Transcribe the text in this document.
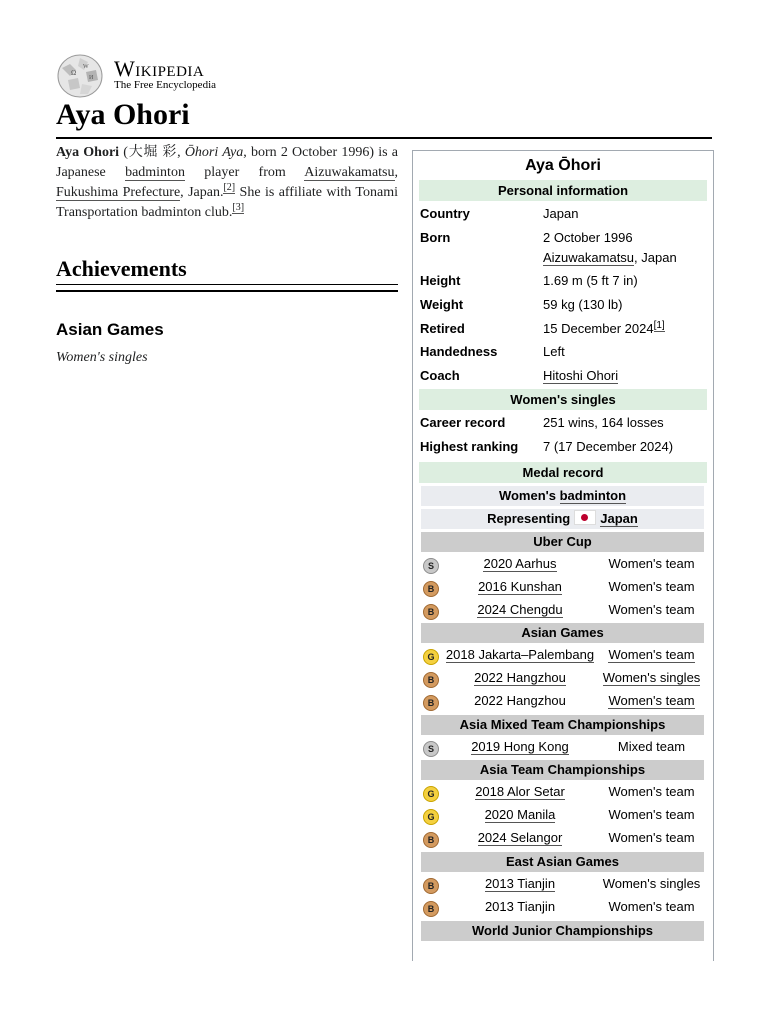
Ω
W
И Wikipedia
The Free Encyclopedia
Aya Ohori
Aya Ohori (大堀 彩, Ōhori Aya, born 2 October 1996) is a Japanese badminton player from Aizuwakamatsu, Fukushima Prefecture, Japan.[2] She is affiliate with Tonami Transportation badminton club.[3]
Achievements
Asian Games
Women's singles
Aya Ōhori
Personal information
Country	Japan
Born	2 October 1996
Aizuwakamatsu, Japan
Height	1.69 m (5 ft 7 in)
Weight	59 kg (130 lb)
Retired	15 December 2024[1]
Handedness	Left
Coach	Hitoshi Ohori
Women's singles
Career record	251 wins, 164 losses
Highest ranking 7 (17 December 2024)
Medal record
Women's badminton
Representing Japan
Uber Cup
S	2020 Aarhus	Women's team
B	2016 Kunshan	Women's team
B	2024 Chengdu	Women's team
Asian Games
G 2018 Jakarta–Palembang	Women's team
B	2022 Hangzhou	Women's singles
B	2022 Hangzhou	Women's team
Asia Mixed Team Championships
S	2019 Hong Kong	Mixed team
Asia Team Championships
G	2018 Alor Setar	Women's team
G	2020 Manila	Women's team
B	2024 Selangor	Women's team
East Asian Games
B	2013 Tianjin	Women's singles
B	2013 Tianjin	Women's team
World Junior Championships
